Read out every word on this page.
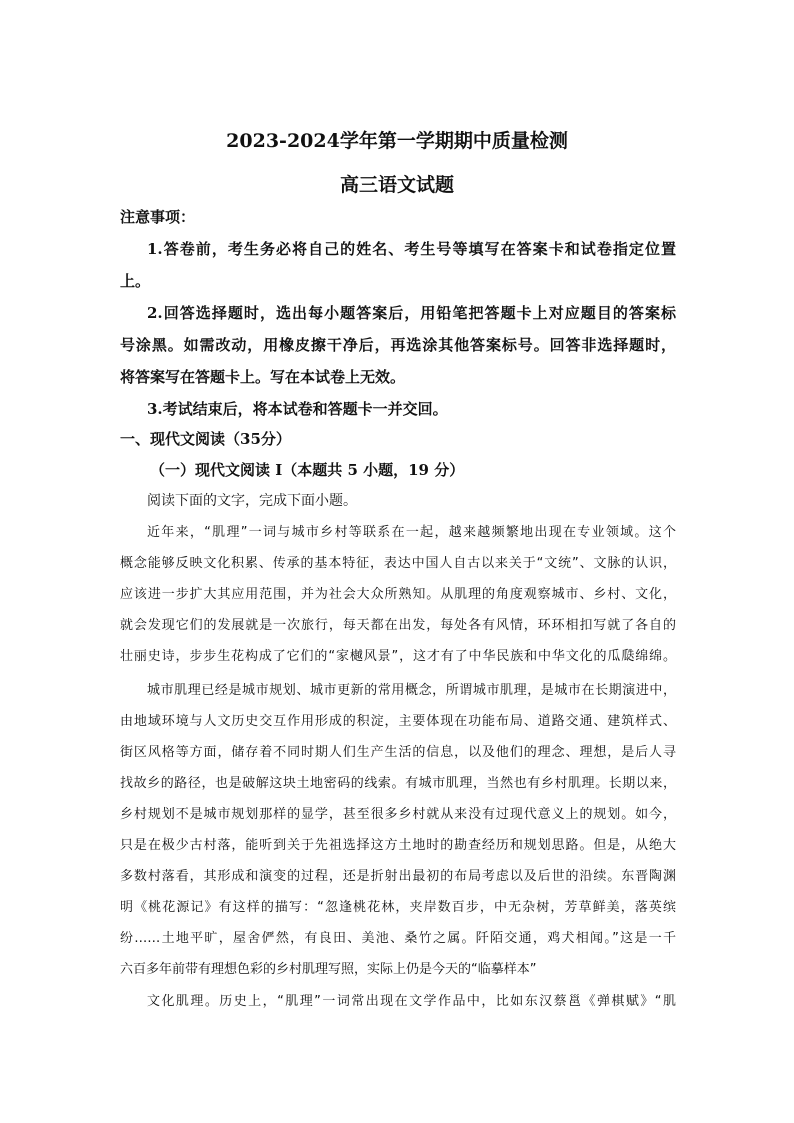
2023-2024学年第一学期期中质量检测
高三语文试题
注意事项：
1.答卷前，考生务必将自己的姓名、考生号等填写在答案卡和试卷指定位置
上。
2.回答选择题时，选出每小题答案后，用铅笔把答题卡上对应题目的答案标
号涂黑。如需改动，用橡皮擦干净后，再选涂其他答案标号。回答非选择题时，
将答案写在答题卡上。写在本试卷上无效。
3.考试结束后，将本试卷和答题卡一并交回。
一、现代文阅读（35分）
（一）现代文阅读 I（本题共 5 小题，19 分）
阅读下面的文字，完成下面小题。
近年来，“肌理”一词与城市乡村等联系在一起，越来越频繁地出现在专业领域。这个
概念能够反映文化积累、传承的基本特征，表达中国人自古以来关于“文统”、文脉的认识，
应该进一步扩大其应用范围，并为社会大众所熟知。从肌理的角度观察城市、乡村、文化，
就会发现它们的发展就是一次旅行，每天都在出发，每处各有风情，环环相扣写就了各自的
壮丽史诗，步步生花构成了它们的“家樾风景”，这才有了中华民族和中华文化的瓜瓞绵绵。
城市肌理已经是城市规划、城市更新的常用概念，所谓城市肌理，是城市在长期演进中，
由地域环境与人文历史交互作用形成的积淀，主要体现在功能布局、道路交通、建筑样式、
街区风格等方面，储存着不同时期人们生产生活的信息，以及他们的理念、理想，是后人寻
找故乡的路径，也是破解这块土地密码的线索。有城市肌理，当然也有乡村肌理。长期以来，
乡村规划不是城市规划那样的显学，甚至很多乡村就从来没有过现代意义上的规划。如今，
只是在极少古村落，能听到关于先祖选择这方土地时的勘查经历和规划思路。但是，从绝大
多数村落看，其形成和演变的过程，还是折射出最初的布局考虑以及后世的沿续。东晋陶渊
明《桃花源记》有这样的描写：“忽逢桃花林，夹岸数百步，中无杂树，芳草鲜美，落英缤
纷……土地平旷，屋舍俨然，有良田、美池、桑竹之属。阡陌交通，鸡犬相闻。”这是一千
六百多年前带有理想色彩的乡村肌理写照，实际上仍是今天的“临摹样本”
文化肌理。历史上，“肌理”一词常出现在文学作品中，比如东汉蔡邕《弹棋赋》“肌
